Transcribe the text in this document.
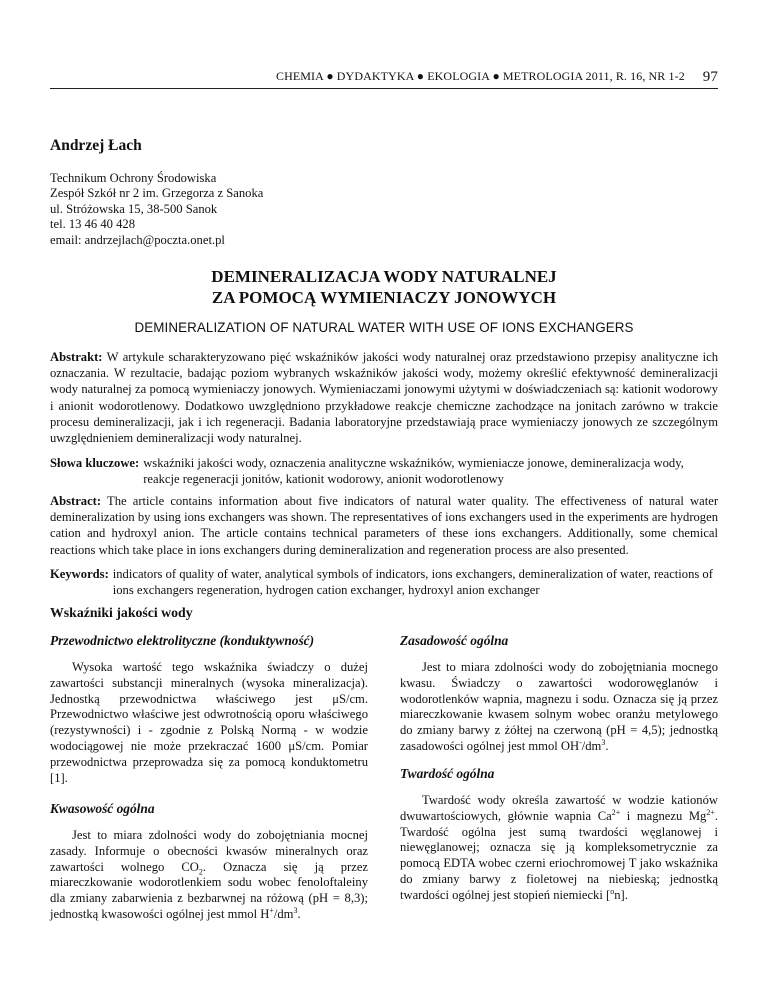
CHEMIA ● DYDAKTYKA ● EKOLOGIA ● METROLOGIA 2011, R. 16, NR 1-2 97
Andrzej Łach
Technikum Ochrony Środowiska
Zespół Szkół nr 2 im. Grzegorza z Sanoka
ul. Stróżowska 15, 38-500 Sanok
tel. 13 46 40 428
email: andrzejlach@poczta.onet.pl
DEMINERALIZACJA WODY NATURALNEJ
ZA POMOCĄ WYMIENIACZY JONOWYCH
DEMINERALIZATION OF NATURAL WATER WITH USE OF IONS EXCHANGERS
Abstrakt: W artykule scharakteryzowano pięć wskaźników jakości wody naturalnej oraz przedstawiono przepisy analityczne ich oznaczania. W rezultacie, badając poziom wybranych wskaźników jakości wody, możemy określić efektywność demineralizacji wody naturalnej za pomocą wymieniaczy jonowych. Wymieniaczami jonowymi użytymi w doświadczeniach są: kationit wodorowy i anionit wodorotlenowy. Dodatkowo uwzględniono przykładowe reakcje chemiczne zachodzące na jonitach zarówno w trakcie procesu demineralizacji, jak i ich regeneracji. Badania laboratoryjne przedstawiają prace wymieniaczy jonowych ze szczególnym uwzględnieniem demineralizacji wody naturalnej.
Słowa kluczowe: wskaźniki jakości wody, oznaczenia analityczne wskaźników, wymieniacze jonowe, demineralizacja wody, reakcje regeneracji jonitów, kationit wodorowy, anionit wodorotlenowy
Abstract: The article contains information about five indicators of natural water quality. The effectiveness of natural water demineralization by using ions exchangers was shown. The representatives of ions exchangers used in the experiments are hydrogen cation and hydroxyl anion. The article contains technical parameters of these ions exchangers. Additionally, some chemical reactions which take place in ions exchangers during demineralization and regeneration process are also presented.
Keywords: indicators of quality of water, analytical symbols of indicators, ions exchangers, demineralization of water, reactions of ions exchangers regeneration, hydrogen cation exchanger, hydroxyl anion exchanger
Wskaźniki jakości wody
Przewodnictwo elektrolityczne (konduktywność)

Wysoka wartość tego wskaźnika świadczy o dużej zawartości substancji mineralnych (wysoka mineralizacja). Jednostką przewodnictwa właściwego jest μS/cm. Przewodnictwo właściwe jest odwrotnością oporu właściwego (rezystywności) i - zgodnie z Polską Normą - w wodzie wodociągowej nie może przekraczać 1600 μS/cm. Pomiar przewodnictwa przeprowadza się za pomocą konduktometru [1].

Kwasowość ogólna

Jest to miara zdolności wody do zobojętniania mocnej zasady. Informuje o obecności kwasów mineralnych oraz zawartości wolnego $CO_2$. Oznacza się ją przez miareczkowanie wodorotlenkiem sodu wobec fenoloftaleiny dla zmiany zabarwienia z bezbarwnej na różową (pH = 8,3); jednostką kwasowości ogólnej jest mmol $H^+/dm^3$.

Zasadowość ogólna

Jest to miara zdolności wody do zobojętniania mocnego kwasu. Świadczy o zawartości wodorowęglanów i wodorotlenków wapnia, magnezu i sodu. Oznacza się ją przez miareczkowanie kwasem solnym wobec oranżu metylowego do zmiany barwy z żółtej na czerwoną (pH = 4,5); jednostką zasadowości ogólnej jest mmol $OH^-/dm^3$.

Twardość ogólna

Twardość wody określa zawartość w wodzie kationów dwuwartościowych, głównie wapnia $Ca^{2+}$ i magnezu $Mg^{2+}$. Twardość ogólna jest sumą twardości węglanowej i niewęglanowej; oznacza się ją kompleksometrycznie za pomocą EDTA wobec czerni eriochromowej T jako wskaźnika do zmiany barwy z fioletowej na niebieską; jednostką twardości ogólnej jest stopień niemiecki [$^o$n].
